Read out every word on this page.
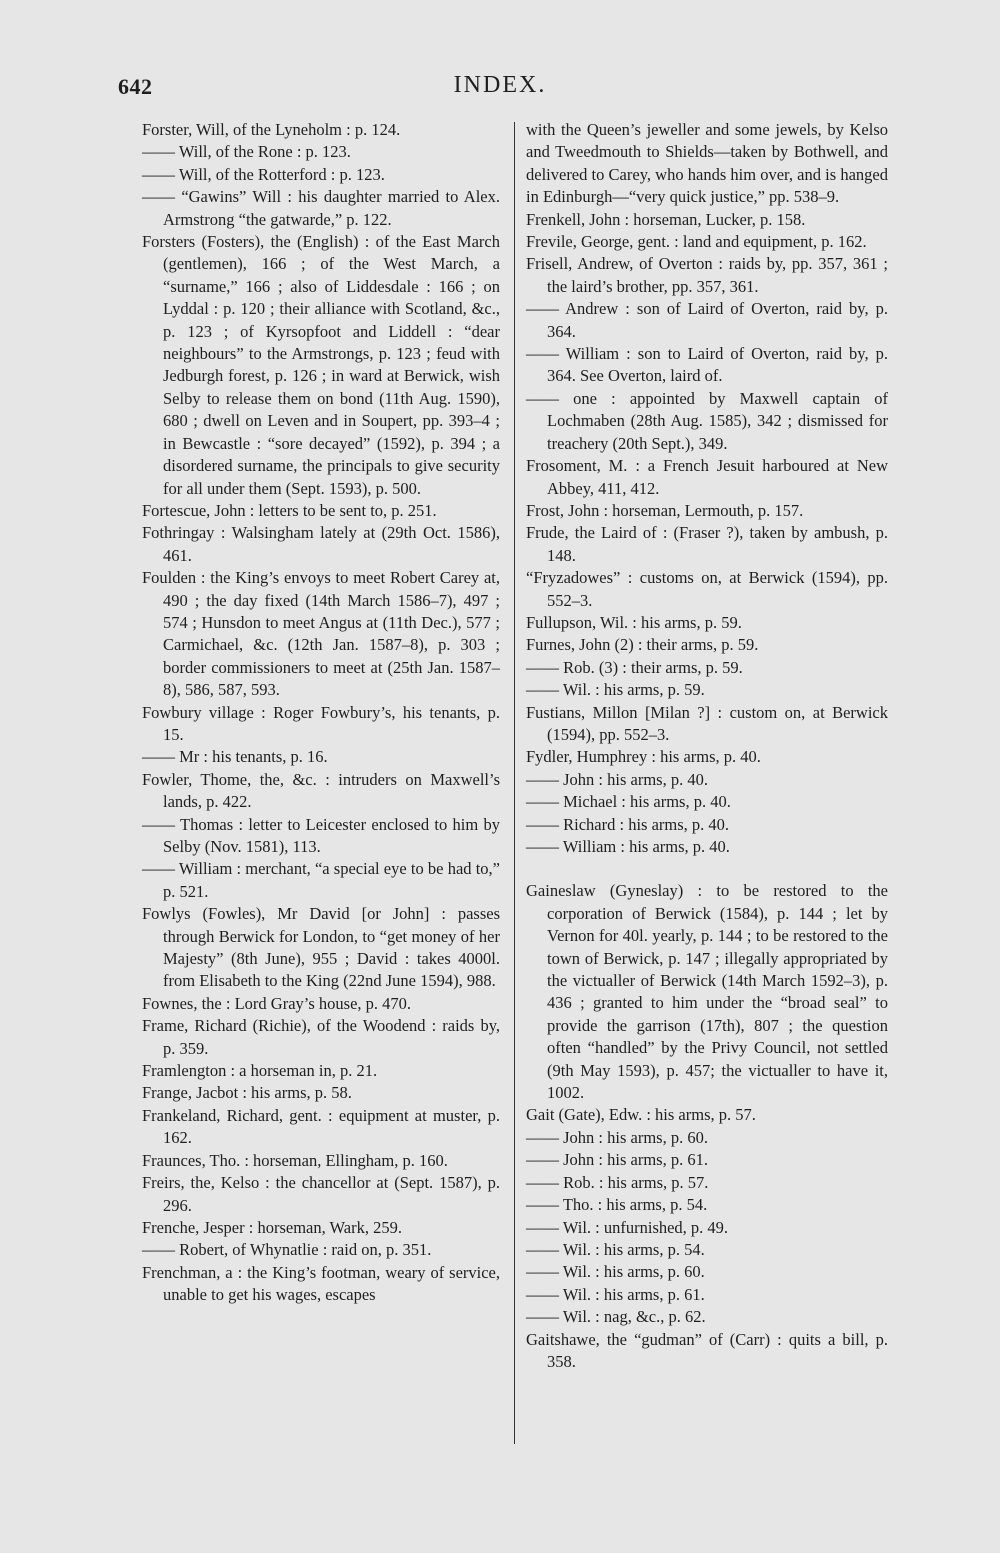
642	INDEX.
Forster, Will, of the Lyneholm : p. 124.
—— Will, of the Rone : p. 123.
—— Will, of the Rotterford : p. 123.
—— “Gawins” Will : his daughter married to Alex. Armstrong “the gatwarde,” p. 122.
Forsters (Fosters), the (English) : of the East March (gentlemen), 166 ; of the West March, a “surname,” 166 ; also of Liddesdale : 166 ; on Lyddal : p. 120 ; their alliance with Scotland, &c., p. 123 ; of Kyrsopfoot and Liddell : “dear neighbours” to the Armstrongs, p. 123 ; feud with Jedburgh forest, p. 126 ; in ward at Berwick, wish Selby to release them on bond (11th Aug. 1590), 680 ; dwell on Leven and in Soupert, pp. 393–4 ; in Bewcastle : “sore decayed” (1592), p. 394 ; a disordered surname, the principals to give security for all under them (Sept. 1593), p. 500.
Fortescue, John : letters to be sent to, p. 251.
Fothringay : Walsingham lately at (29th Oct. 1586), 461.
Foulden : the King’s envoys to meet Robert Carey at, 490 ; the day fixed (14th March 1586–7), 497 ; 574 ; Hunsdon to meet Angus at (11th Dec.), 577 ; Carmichael, &c. (12th Jan. 1587–8), p. 303 ; border commissioners to meet at (25th Jan. 1587–8), 586, 587, 593.
Fowbury village : Roger Fowbury’s, his tenants, p. 15.
—— Mr : his tenants, p. 16.
Fowler, Thome, the, &c. : intruders on Maxwell’s lands, p. 422.
—— Thomas : letter to Leicester enclosed to him by Selby (Nov. 1581), 113.
—— William : merchant, “a special eye to be had to,” p. 521.
Fowlys (Fowles), Mr David [or John] : passes through Berwick for London, to “get money of her Majesty” (8th June), 955 ; David : takes 4000l. from Elisabeth to the King (22nd June 1594), 988.
Fownes, the : Lord Gray’s house, p. 470.
Frame, Richard (Richie), of the Woodend : raids by, p. 359.
Framlengton : a horseman in, p. 21.
Frange, Jacbot : his arms, p. 58.
Frankeland, Richard, gent. : equipment at muster, p. 162.
Fraunces, Tho. : horseman, Ellingham, p. 160.
Freirs, the, Kelso : the chancellor at (Sept. 1587), p. 296.
Frenche, Jesper : horseman, Wark, 259.
—— Robert, of Whynatlie : raid on, p. 351.
Frenchman, a : the King’s footman, weary of service, unable to get his wages, escapes
with the Queen’s jeweller and some jewels, by Kelso and Tweedmouth to Shields—taken by Bothwell, and delivered to Carey, who hands him over, and is hanged in Edinburgh—“very quick justice,” pp. 538–9.
Frenkell, John : horseman, Lucker, p. 158.
Frevile, George, gent. : land and equipment, p. 162.
Frisell, Andrew, of Overton : raids by, pp. 357, 361 ; the laird’s brother, pp. 357, 361.
—— Andrew : son of Laird of Overton, raid by, p. 364.
—— William : son to Laird of Overton, raid by, p. 364. See Overton, laird of.
—— one : appointed by Maxwell captain of Lochmaben (28th Aug. 1585), 342 ; dismissed for treachery (20th Sept.), 349.
Frosoment, M. : a French Jesuit harboured at New Abbey, 411, 412.
Frost, John : horseman, Lermouth, p. 157.
Frude, the Laird of : (Fraser ?), taken by ambush, p. 148.
“Fryzadowes” : customs on, at Berwick (1594), pp. 552–3.
Fullupson, Wil. : his arms, p. 59.
Furnes, John (2) : their arms, p. 59.
—— Rob. (3) : their arms, p. 59.
—— Wil. : his arms, p. 59.
Fustians, Millon [Milan ?] : custom on, at Berwick (1594), pp. 552–3.
Fydler, Humphrey : his arms, p. 40.
—— John : his arms, p. 40.
—— Michael : his arms, p. 40.
—— Richard : his arms, p. 40.
—— William : his arms, p. 40.
Gaineslaw (Gyneslay) : to be restored to the corporation of Berwick (1584), p. 144 ; let by Vernon for 40l. yearly, p. 144 ; to be restored to the town of Berwick, p. 147 ; illegally appropriated by the victualler of Berwick (14th March 1592–3), p. 436 ; granted to him under the “broad seal” to provide the garrison (17th), 807 ; the question often “handled” by the Privy Council, not settled (9th May 1593), p. 457; the victualler to have it, 1002.
Gait (Gate), Edw. : his arms, p. 57.
—— John : his arms, p. 60.
—— John : his arms, p. 61.
—— Rob. : his arms, p. 57.
—— Tho. : his arms, p. 54.
—— Wil. : unfurnished, p. 49.
—— Wil. : his arms, p. 54.
—— Wil. : his arms, p. 60.
—— Wil. : his arms, p. 61.
—— Wil. : nag, &c., p. 62.
Gaitshawe, the “gudman” of (Carr) : quits a bill, p. 358.
